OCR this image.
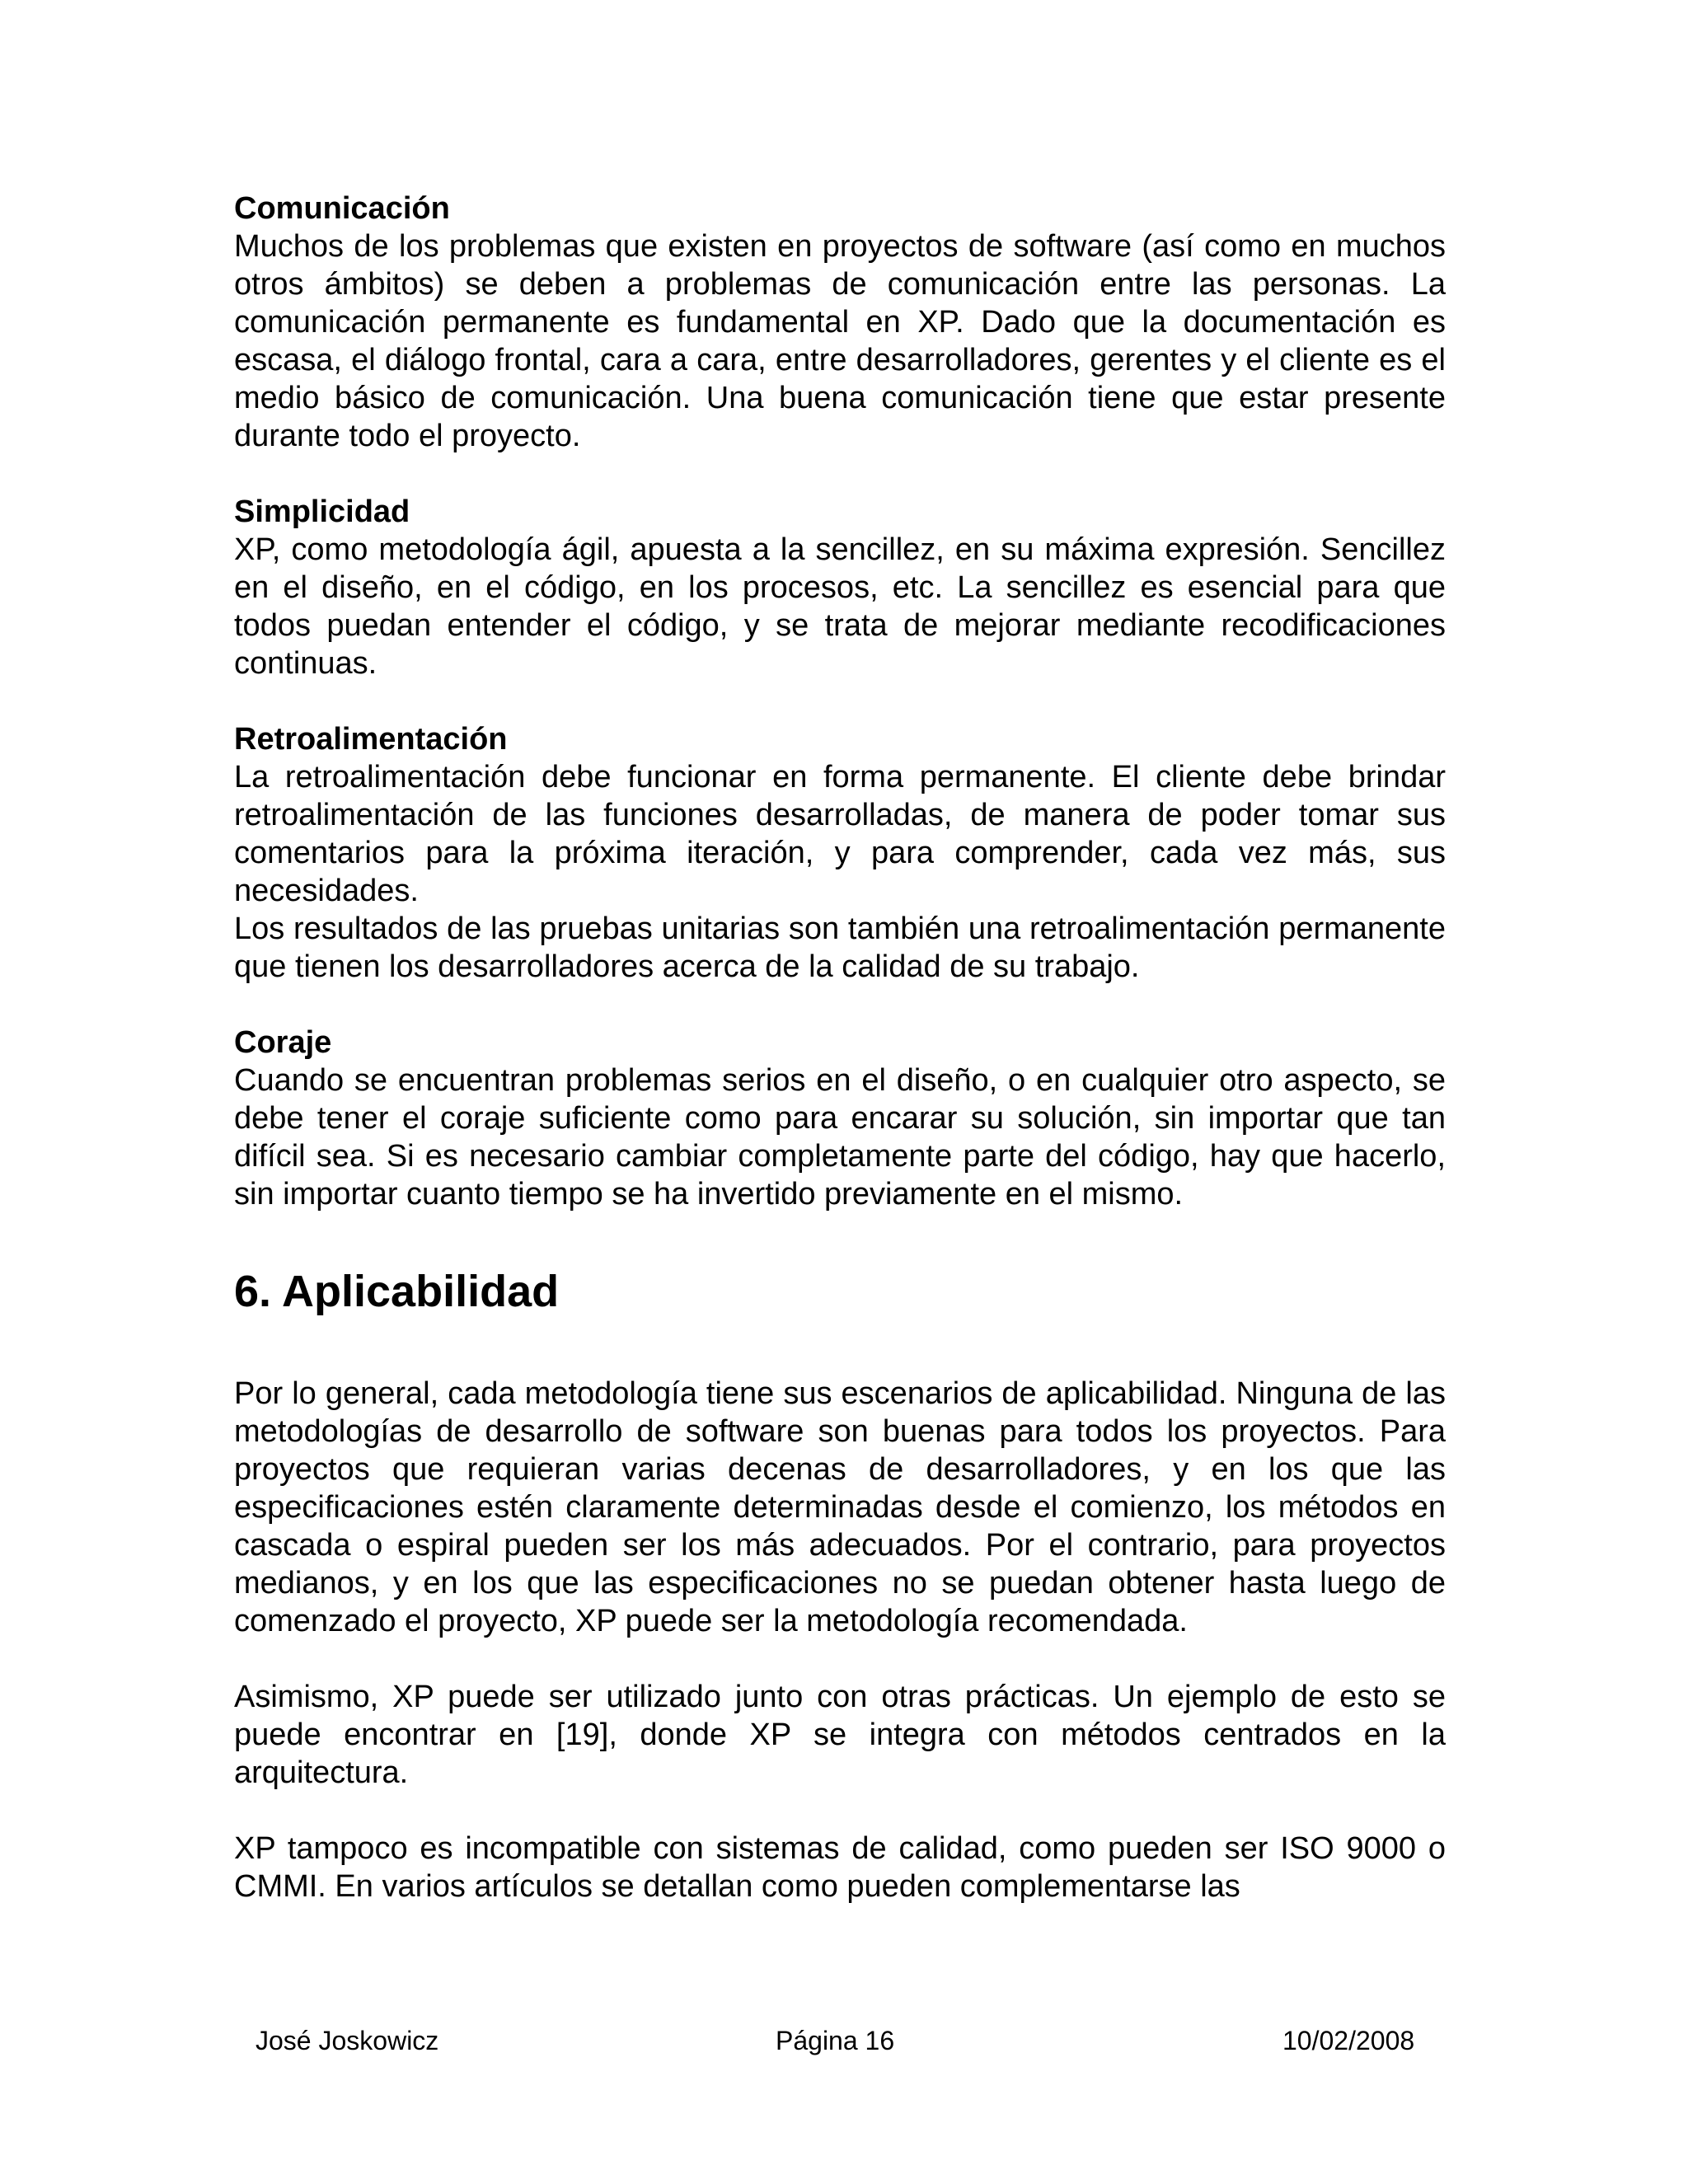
Comunicación

Muchos de los problemas que existen en proyectos de software (así como en muchos otros ámbitos) se deben a problemas de comunicación entre las personas. La comunicación permanente es fundamental en XP. Dado que la documentación es escasa, el diálogo frontal, cara a cara, entre desarrolladores, gerentes y el cliente es el medio básico de comunicación. Una buena comunicación tiene que estar presente durante todo el proyecto.

Simplicidad

XP, como metodología ágil, apuesta a la sencillez, en su máxima expresión. Sencillez en el diseño, en el código, en los procesos, etc. La sencillez es esencial para que todos puedan entender el código, y se trata de mejorar mediante recodificaciones continuas.

Retroalimentación

La retroalimentación debe funcionar en forma permanente. El cliente debe brindar retroalimentación de las funciones desarrolladas, de manera de poder tomar sus comentarios para la próxima iteración, y para comprender, cada vez más, sus necesidades.

Los resultados de las pruebas unitarias son también una retroalimentación permanente que tienen los desarrolladores acerca de la calidad de su trabajo.

Coraje

Cuando se encuentran problemas serios en el diseño, o en cualquier otro aspecto, se debe tener el coraje suficiente como para encarar su solución, sin importar que tan difícil sea. Si es necesario cambiar completamente parte del código, hay que hacerlo, sin importar cuanto tiempo se ha invertido previamente en el mismo.

6. Aplicabilidad

Por lo general, cada metodología tiene sus escenarios de aplicabilidad. Ninguna de las metodologías de desarrollo de software son buenas para todos los proyectos. Para proyectos que requieran varias decenas de desarrolladores, y en los que las especificaciones estén claramente determinadas desde el comienzo, los métodos en cascada o espiral pueden ser los más adecuados. Por el contrario, para proyectos medianos, y en los que las especificaciones no se puedan obtener hasta luego de comenzado el proyecto, XP puede ser la metodología recomendada.

Asimismo, XP puede ser utilizado junto con otras prácticas. Un ejemplo de esto se puede encontrar en [19], donde XP se integra con métodos centrados en la arquitectura.

XP tampoco es incompatible con sistemas de calidad, como pueden ser ISO 9000 o CMMI. En varios artículos se detallan como pueden complementarse las

José Joskowicz	Página 16	10/02/2008
